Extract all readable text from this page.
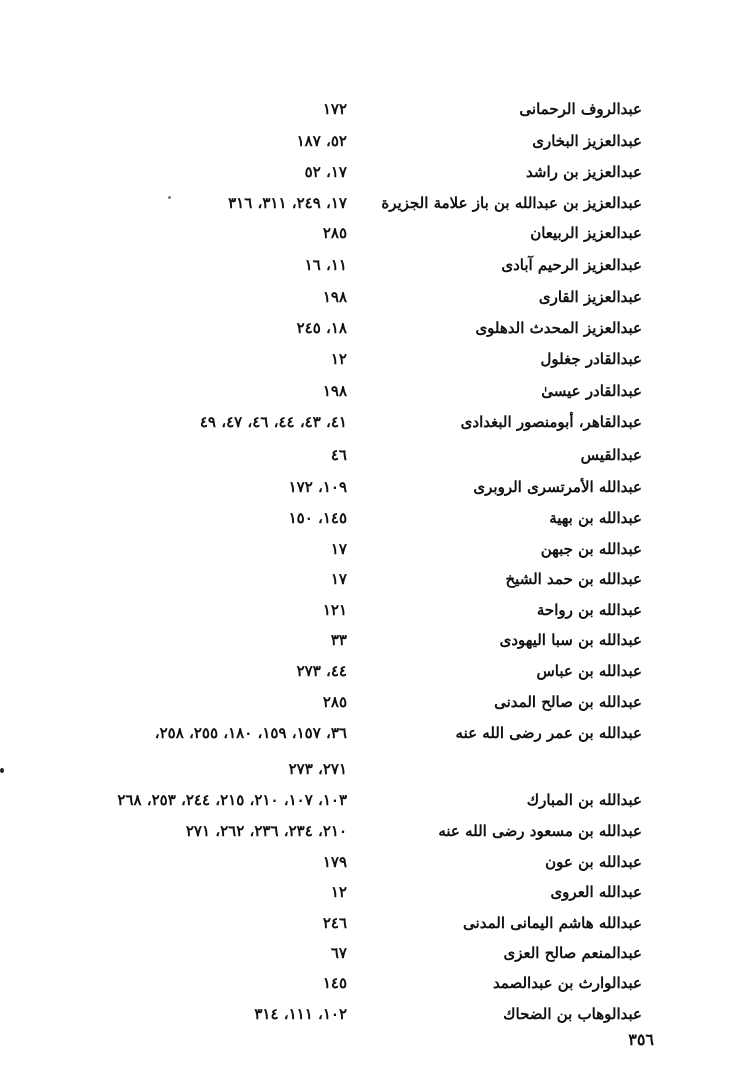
عبدالروف الرحمانی
١٧٢
عبدالعزیز البخاری
٥٢، ١٨٧
عبدالعزیز بن راشد
١٧، ٥٢
عبدالعزیز بن عبدالله بن باز علامة الجزیرة
١٧، ٢٤٩، ٣١١، ٣١٦
عبدالعزیز الربیعان
٢٨٥
عبدالعزیز الرحیم آبادی
١١، ١٦
عبدالعزیز القاری
١٩٨
عبدالعزیز المحدث الدهلوی
١٨، ٢٤٥
عبدالقادر جغلول
١٢
عبدالقادر عیسیٰ
١٩٨
عبدالقاهر، أبومنصور البغدادی
٤١، ٤٣، ٤٤، ٤٦، ٤٧، ٤٩
عبدالقیس
٤٦
عبدالله الأمرتسری الروبری
١٠٩، ١٧٢
عبدالله بن بهیة
١٤٥، ١٥٠
عبدالله بن جبهن
١٧
عبدالله بن حمد الشیخ
١٧
عبدالله بن رواحة
١٢١
عبدالله بن سبا الیهودی
٣٣
عبدالله بن عباس
٤٤، ٢٧٣
عبدالله بن صالح المدنی
٢٨٥
عبدالله بن عمر رضی الله عنه
٣٦، ١٥٧، ١٥٩، ١٨٠، ٢٥٥، ٢٥٨،
٢٧١، ٢٧٣
عبدالله بن المبارك
١٠٣، ١٠٧، ٢١٠، ٢١٥، ٢٤٤، ٢٥٣، ٢٦٨
عبدالله بن مسعود رضی الله عنه
٢١٠، ٢٣٤، ٢٣٦، ٢٦٢، ٢٧١
عبدالله بن عون
١٧٩
عبدالله العروی
١٢
عبدالله هاشم الیمانی المدنی
٢٤٦
عبدالمنعم صالح العزی
٦٧
عبدالوارث بن عبدالصمد
١٤٥
عبدالوهاب بن الضحاك
١٠٢، ١١١، ٣١٤
٣٥٦
